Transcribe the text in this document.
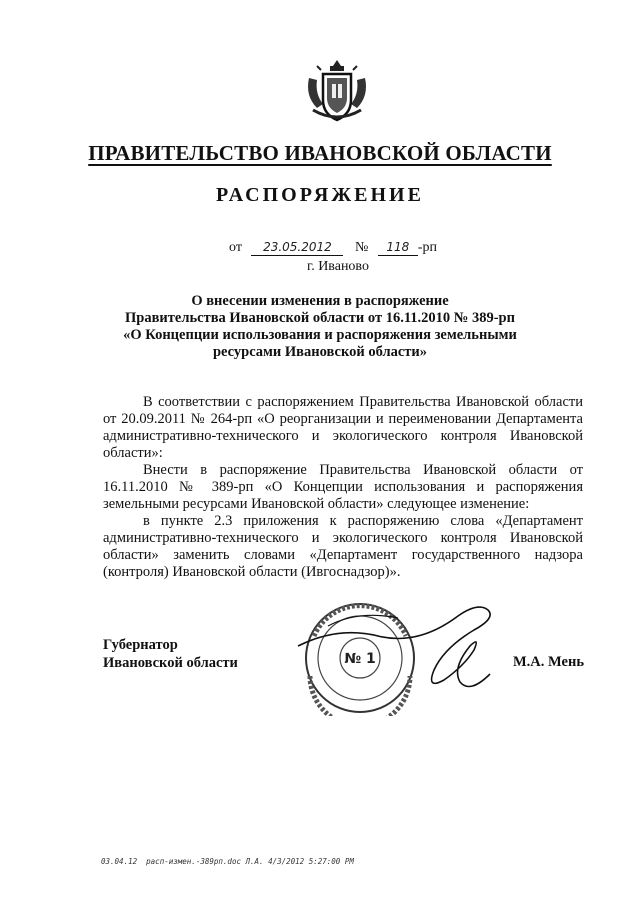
ПРАВИТЕЛЬСТВО ИВАНОВСКОЙ ОБЛАСТИ
РАСПОРЯЖЕНИЕ
от 23.05.2012 № 118 -рп
г. Иваново
О внесении изменения в распоряжение
Правительства Ивановской области от 16.11.2010 № 389-рп
«О Концепции использования и распоряжения земельными
ресурсами Ивановской области»

В соответствии с распоряжением Правительства Ивановской области от 20.09.2011 № 264-рп «О реорганизации и переименовании Департамента административно-технического и экологического контроля Ивановской области»:

Внести в распоряжение Правительства Ивановской области от 16.11.2010 № 389-рп «О Концепции использования и распоряжения земельными ресурсами Ивановской области» следующее изменение:

в пункте 2.3 приложения к распоряжению слова «Департамент административно-технического и экологического контроля Ивановской области» заменить словами «Департамент государственного надзора (контроля) Ивановской области (Ивгоснадзор)».

Губернатор
Ивановской области	№ 1	М.А. Мень
03.04.12  расп-измен.-389рп.doc Л.А. 4/3/2012 5:27:00 PM
